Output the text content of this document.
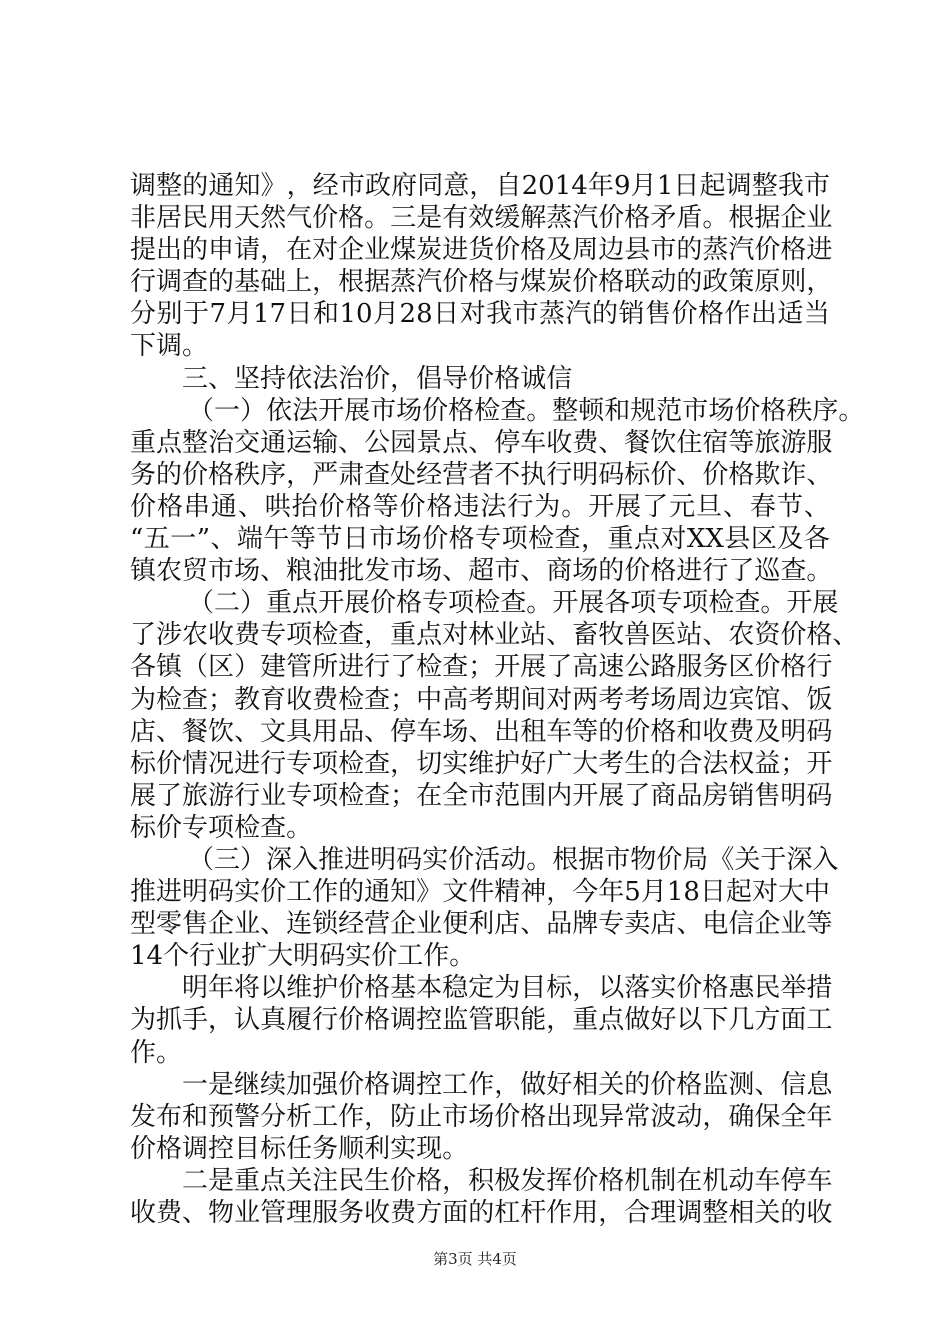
调 整 的 通 知 》 ， 经 市 政 府 同 意 ， 自 2014 年 9 月 1 日 起 调 整 我 市
非 居 民 用 天 然 气 价 格 。 三 是 有 效 缓 解 蒸 汽 价 格 矛 盾 。 根 据 企 业
提 出 的 申 请 ， 在 对 企 业 煤 炭 进 货 价 格 及 周 边 县 市 的 蒸 汽 价 格 进
行 调 查 的 基 础 上 ， 根 据 蒸 汽 价 格 与 煤 炭 价 格 联 动 的 政 策 原 则 ，
分 别 于 7 月 17 日 和 10 月 28 日 对 我 市 蒸 汽 的 销 售 价 格 作 出 适 当
下 调 。
三 、 坚 持 依 法 治 价 ， 倡 导 价 格 诚 信
（ 一 ） 依 法 开 展 市 场 价 格 检 查 。 整 顿 和 规 范 市 场 价 格 秩 序 。
重 点 整 治 交 通 运 输 、 公 园 景 点 、 停 车 收 费 、 餐 饮 住 宿 等 旅 游 服
务 的 价 格 秩 序 ， 严 肃 查 处 经 营 者 不 执 行 明 码 标 价 、 价 格 欺 诈 、
价 格 串 通 、 哄 抬 价 格 等 价 格 违 法 行 为 。 开 展 了 元 旦 、 春 节 、
“ 五 一 ” 、 端 午 等 节 日 市 场 价 格 专 项 检 查 ， 重 点 对 XX 县 区 及 各
镇 农 贸 市 场 、 粮 油 批 发 市 场 、 超 市 、 商 场 的 价 格 进 行 了 巡 查 。
（ 二 ） 重 点 开 展 价 格 专 项 检 查 。 开 展 各 项 专 项 检 查 。 开 展
了 涉 农 收 费 专 项 检 查 ， 重 点 对 林 业 站 、 畜 牧 兽 医 站 、 农 资 价 格 、
各 镇 （ 区 ） 建 管 所 进 行 了 检 查 ； 开 展 了 高 速 公 路 服 务 区 价 格 行
为 检 查 ； 教 育 收 费 检 查 ； 中 高 考 期 间 对 两 考 考 场 周 边 宾 馆 、 饭
店 、 餐 饮 、 文 具 用 品 、 停 车 场 、 出 租 车 等 的 价 格 和 收 费 及 明 码
标 价 情 况 进 行 专 项 检 查 ， 切 实 维 护 好 广 大 考 生 的 合 法 权 益 ； 开
展 了 旅 游 行 业 专 项 检 查 ； 在 全 市 范 围 内 开 展 了 商 品 房 销 售 明 码
标 价 专 项 检 查 。
（ 三 ） 深 入 推 进 明 码 实 价 活 动 。 根 据 市 物 价 局 《 关 于 深 入
推 进 明 码 实 价 工 作 的 通 知 》 文 件 精 神 ， 今 年 5 月 18 日 起 对 大 中
型 零 售 企 业 、 连 锁 经 营 企 业 便 利 店 、 品 牌 专 卖 店 、 电 信 企 业 等
14 个 行 业 扩 大 明 码 实 价 工 作 。
明 年 将 以 维 护 价 格 基 本 稳 定 为 目 标 ， 以 落 实 价 格 惠 民 举 措
为 抓 手 ， 认 真 履 行 价 格 调 控 监 管 职 能 ， 重 点 做 好 以 下 几 方 面 工
作 。
一 是 继 续 加 强 价 格 调 控 工 作 ， 做 好 相 关 的 价 格 监 测 、 信 息
发 布 和 预 警 分 析 工 作 ， 防 止 市 场 价 格 出 现 异 常 波 动 ， 确 保 全 年
价 格 调 控 目 标 任 务 顺 利 实 现 。
二 是 重 点 关 注 民 生 价 格 ， 积 极 发 挥 价 格 机 制 在 机 动 车 停 车
收 费 、 物 业 管 理 服 务 收 费 方 面 的 杠 杆 作 用 ， 合 理 调 整 相 关 的 收
第3页 共4页
